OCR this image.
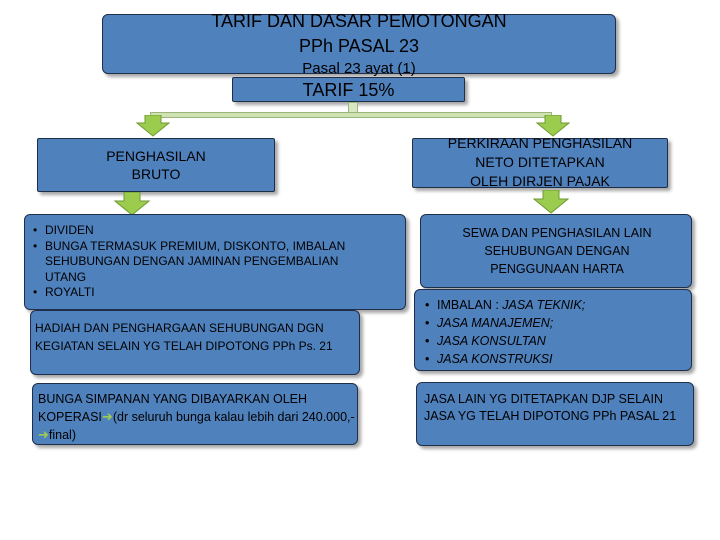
TARIF DAN DASAR PEMOTONGAN
PPh PASAL 23
Pasal 23 ayat (1)
TARIF 15%
PENGHASILAN
BRUTO
PERKIRAAN PENGHASILAN
NETO DITETAPKAN
OLEH DIRJEN PAJAK
• DIVIDEN
• BUNGA TERMASUK PREMIUM, DISKONTO, IMBALAN SEHUBUNGAN DENGAN JAMINAN PENGEMBALIAN UTANG
• ROYALTI
HADIAH DAN PENGHARGAAN SEHUBUNGAN DGN KEGIATAN SELAIN YG TELAH DIPOTONG PPh Ps. 21
BUNGA SIMPANAN YANG DIBAYARKAN OLEH KOPERASI➜(dr seluruh bunga kalau lebih dari 240.000,- ➜final)
SEWA DAN PENGHASILAN LAIN SEHUBUNGAN DENGAN PENGGUNAAN HARTA
• IMBALAN : JASA TEKNIK;
• JASA MANAJEMEN;
• JASA KONSULTAN
• JASA KONSTRUKSI
JASA LAIN YG DITETAPKAN DJP SELAIN JASA YG TELAH DIPOTONG PPh PASAL 21
